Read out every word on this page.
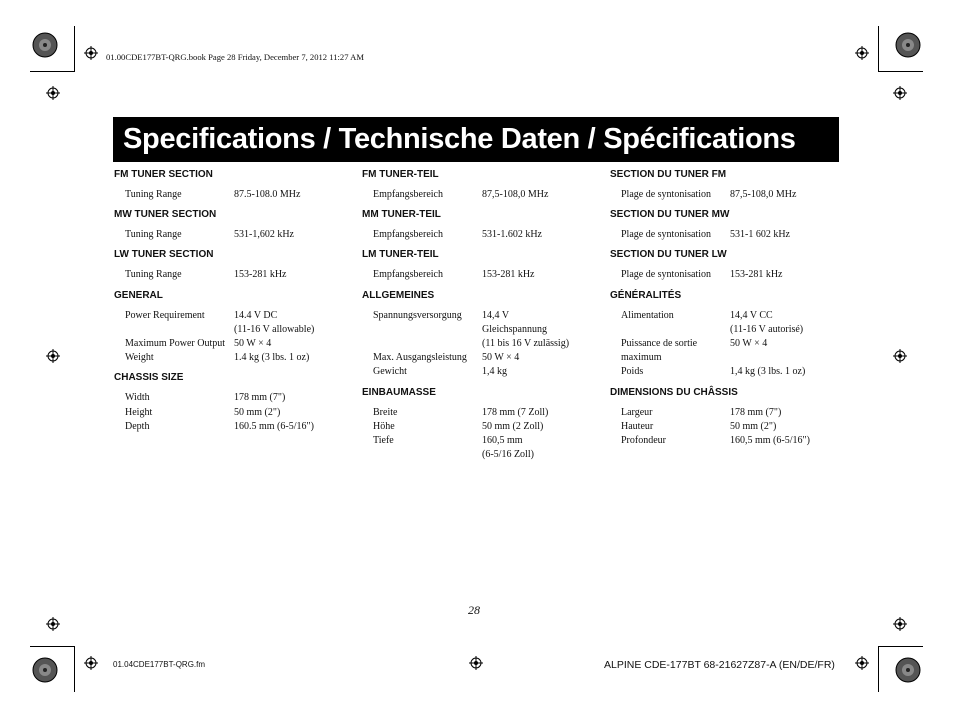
01.00CDE177BT-QRG.book Page 28 Friday, December 7, 2012 11:27 AM
Specifications / Technische Daten / Spécifications
FM TUNER SECTION
Tuning Range	87.5-108.0 MHz
MW TUNER SECTION
Tuning Range	531-1,602 kHz
LW TUNER SECTION
Tuning Range	153-281 kHz
GENERAL
Power Requirement	14.4 V DC
(11-16 V allowable)
Maximum Power Output 50 W × 4
Weight	1.4 kg (3 lbs. 1 oz)
CHASSIS SIZE
Width	178 mm (7")
Height	50 mm (2")
Depth	160.5 mm (6-5/16")
FM TUNER-TEIL
Empfangsbereich	87,5-108,0 MHz
MM TUNER-TEIL
Empfangsbereich	531-1.602 kHz
LM TUNER-TEIL
Empfangsbereich	153-281 kHz
ALLGEMEINES
Spannungsversorgung	14,4 V
Gleichspannung
(11 bis 16 V zulässig)
Max. Ausgangsleistung	50 W × 4
Gewicht	1,4 kg
EINBAUMASSE
Breite	178 mm (7 Zoll)
Höhe	50 mm (2 Zoll)
Tiefe	160,5 mm
(6-5/16 Zoll)
SECTION DU TUNER FM
Plage de syntonisation	87,5-108,0 MHz
SECTION DU TUNER MW
Plage de syntonisation	531-1 602 kHz
SECTION DU TUNER LW
Plage de syntonisation	153-281 kHz
GÉNÉRALITÉS
Alimentation	14,4 V CC
(11-16 V autorisé)
Puissance de sortie	50 W × 4
maximum
Poids	1,4 kg (3 lbs. 1 oz)
DIMENSIONS DU CHÂSSIS
Largeur	178 mm (7")
Hauteur	50 mm (2")
Profondeur	160,5 mm (6-5/16")
28
01.04CDE177BT-QRG.fm	ALPINE CDE-177BT 68-21627Z87-A (EN/DE/FR)
